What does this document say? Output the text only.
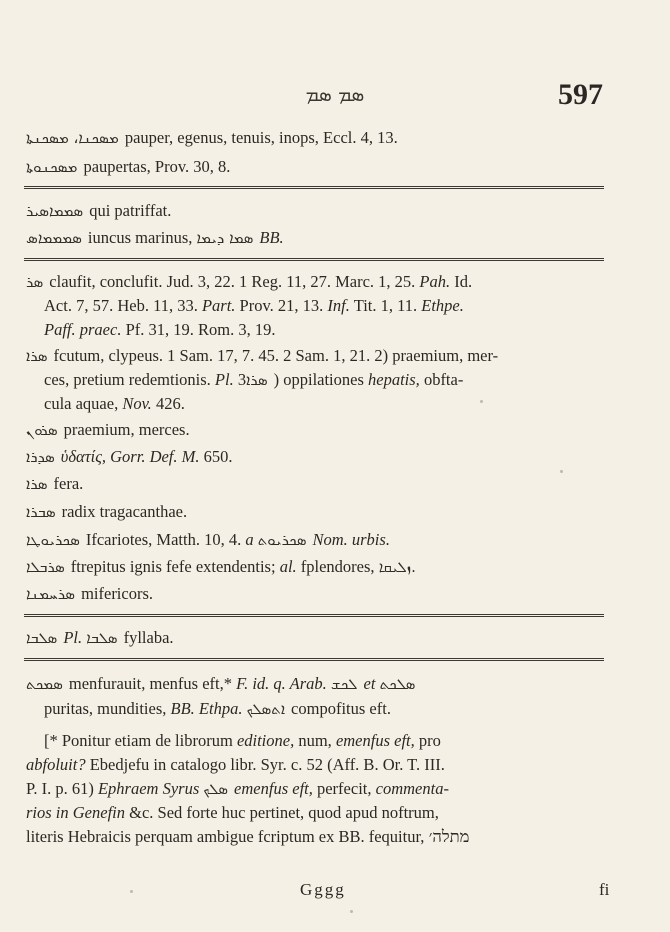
ܣܡ ܣܡ	597
ܡܣܟܢܐ، ܡܣܟܢܬܐ pauper, egenus, tenuis, inops, Eccl. 4, 13.
ܡܣܟܢܘܬܐ paupertas, Prov. 30, 8.
ܣܡܡܐܣܝܪ qui patriffat.
ܣܡܡܡܐܣ iuncus marinus, ܣܡܐ ܕܝܡܐ BB.
ܣܪ claufit, conclufit. Jud. 3, 22. 1 Reg. 11, 27. Marc. 1, 25. Pah. Id.
Act. 7, 57. Heb. 11, 33. Part. Prov. 21, 13. Inf. Tit. 1, 11. Ethpe.
Paff. praec. Pf. 31, 19. Rom. 3, 19.
ܣܪܐ fcutum, clypeus. 1 Sam. 17, 7. 45. 2 Sam. 1, 21. 2) praemium, mer-
ces, pretium redemtionis. Pl. ܣܪܐ3) oppilationes hepatis, obfta-
cula aquae, Nov. 426.
ܣܪܘܢ praemium, merces.
ܣܕܪܐ ὑδατίς, Gorr. Def. M. 650.
ܣܪܐ fera.
ܣܒܪܐ radix tragacanthae.
ܣܟܪܝܘܛܐ Ifcariotes, Matth. 10, 4. a ܣܟܪܝܘܬ Nom. urbis.
ܣܪܒܠܐ ftrepitus ignis fefe extendentis; al. fplendores, ܙܠܝܩܐ.
ܣܪܚܡܢܐ mifericors.
ܣܠܒܐ Pl. ܣܠܒܐ fyllaba.
ܣܡܟܬ menfurauit, menfus eft,* F. id. q. Arab. ܠܟܫ et ܣܠܟܬ
puritas, mundities, BB. Ethpa. ܐܬܣܠܟ compofitus eft.
[* Ponitur etiam de librorum editione, num, emenfus eft, pro
abfoluit? Ebedjefu in catalogo libr. Syr. c. 52 (Aff. B. Or. T. III.
P. I. p. 61) Ephraem Syrus ܣܠܟ emenfus eft, perfecit, commenta-
rios in Genefin &c. Sed forte huc pertinet, quod apud noftrum,
literis Hebraicis perquam ambigue fcriptum ex BB. fequitur, מתלה׳
Gggg	fi
